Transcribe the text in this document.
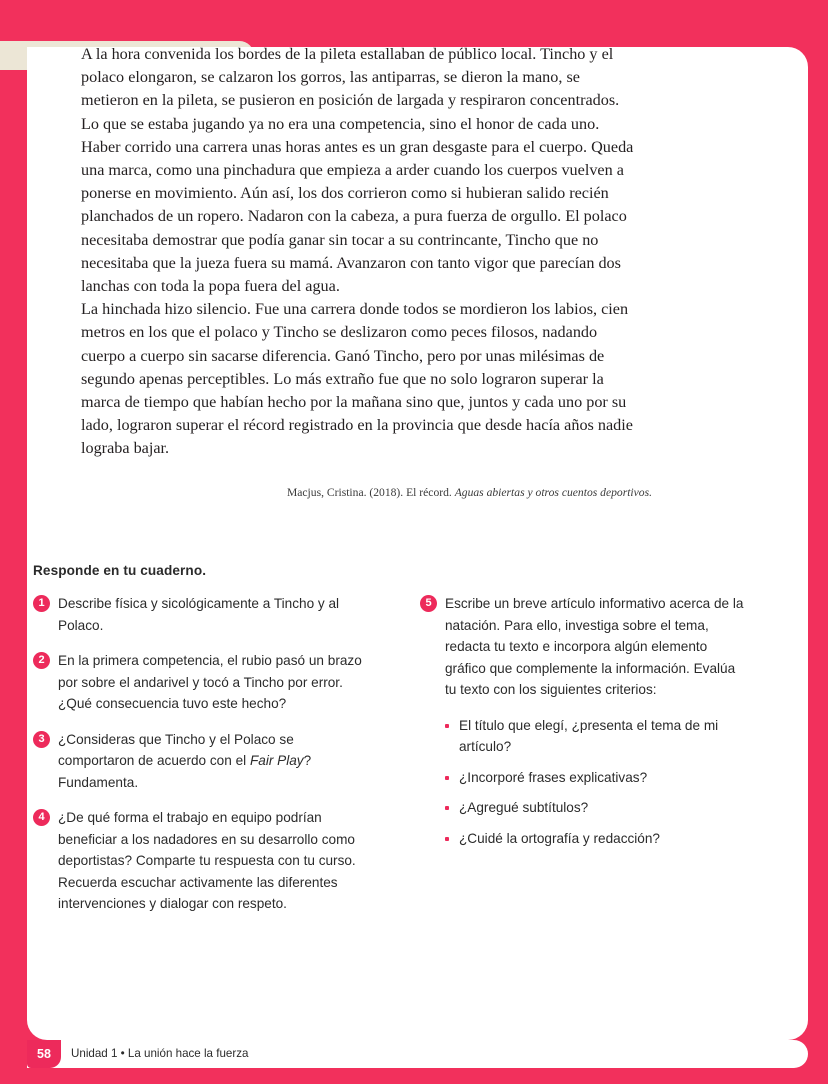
A la hora convenida los bordes de la pileta estallaban de público local. Tincho y el polaco elongaron, se calzaron los gorros, las antiparras, se dieron la mano, se metieron en la pileta, se pusieron en posición de largada y respiraron concentrados. Lo que se estaba jugando ya no era una competencia, sino el honor de cada uno. Haber corrido una carrera unas horas antes es un gran desgaste para el cuerpo. Queda una marca, como una pinchadura que empieza a arder cuando los cuerpos vuelven a ponerse en movimiento. Aún así, los dos corrieron como si hubieran salido recién planchados de un ropero. Nadaron con la cabeza, a pura fuerza de orgullo. El polaco necesitaba demostrar que podía ganar sin tocar a su contrincante, Tincho que no necesitaba que la jueza fuera su mamá. Avanzaron con tanto vigor que parecían dos lanchas con toda la popa fuera del agua.

La hinchada hizo silencio. Fue una carrera donde todos se mordieron los labios, cien metros en los que el polaco y Tincho se deslizaron como peces filosos, nadando cuerpo a cuerpo sin sacarse diferencia. Ganó Tincho, pero por unas milésimas de segundo apenas perceptibles. Lo más extraño fue que no solo lograron superar la marca de tiempo que habían hecho por la mañana sino que, juntos y cada uno por su lado, lograron superar el récord registrado en la provincia que desde hacía años nadie lograba bajar.

Macjus, Cristina. (2018). El récord. Aguas abiertas y otros cuentos deportivos.

Responde en tu cuaderno.

1 Describe física y sicológicamente a Tincho y al Polaco.
2 En la primera competencia, el rubio pasó un brazo por sobre el andarivel y tocó a Tincho por error. ¿Qué consecuencia tuvo este hecho?
3 ¿Consideras que Tincho y el Polaco se comportaron de acuerdo con el Fair Play? Fundamenta.
4 ¿De qué forma el trabajo en equipo podrían beneficiar a los nadadores en su desarrollo como deportistas? Comparte tu respuesta con tu curso. Recuerda escuchar activamente las diferentes intervenciones y dialogar con respeto.
5 Escribe un breve artículo informativo acerca de la natación. Para ello, investiga sobre el tema, redacta tu texto e incorpora algún elemento gráfico que complemente la información. Evalúa tu texto con los siguientes criterios:
El título que elegí, ¿presenta el tema de mi artículo?
¿Incorporé frases explicativas?
¿Agregué subtítulos?
¿Cuidé la ortografía y redacción?
58	Unidad 1 • La unión hace la fuerza
